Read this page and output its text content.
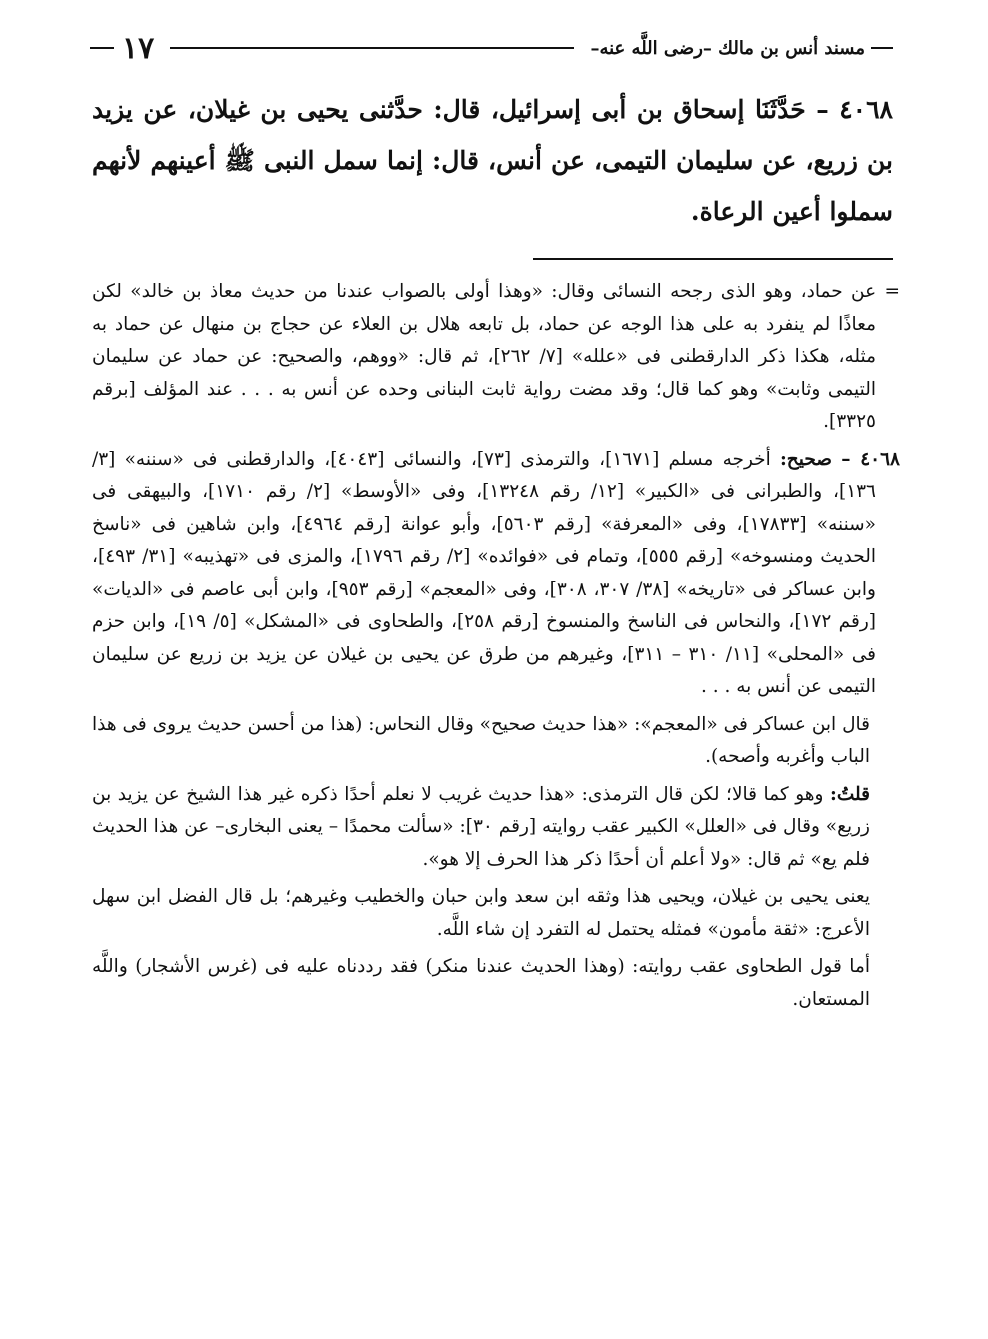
مسند أنس بن مالك –رضى اللَّه عنه–
١٧
٤٠٦٨ – حَدَّثَنَا إسحاق بن أبى إسرائيل، قال: حدَّثنى يحيى بن غيلان، عن يزيد بن زريع، عن سليمان التيمى، عن أنس، قال: إنما سمل النبى ﷺ أعينهم لأنهم سملوا أعين الرعاة.

= عن حماد، وهو الذى رجحه النسائى وقال: «وهذا أولى بالصواب عندنا من حديث معاذ بن خالد» لكن معاذًا لم ينفرد به على هذا الوجه عن حماد، بل تابعه هلال بن العلاء عن حجاج بن منهال عن حماد به مثله، هكذا ذكر الدارقطنى فى «علله» [٧/ ٢٦٢]، ثم قال: «ووهم، والصحيح: عن حماد عن سليمان التيمى وثابت» وهو كما قال؛ وقد مضت رواية ثابت البنانى وحده عن أنس به . . . عند المؤلف [برقم ٣٣٢٥].

٤٠٦٨ – صحيح: أخرجه مسلم [١٦٧١]، والترمذى [٧٣]، والنسائى [٤٠٤٣]، والدارقطنى فى «سننه» [٣/ ١٣٦]، والطبرانى فى «الكبير» [١٢/ رقم ١٣٢٤٨]، وفى «الأوسط» [٢/ رقم ١٧١٠]، والبيهقى فى «سننه» [١٧٨٣٣]، وفى «المعرفة» [رقم ٥٦٠٣]، وأبو عوانة [رقم ٤٩٦٤]، وابن شاهين فى «ناسخ الحديث ومنسوخه» [رقم ٥٥٥]، وتمام فى «فوائده» [٢/ رقم ١٧٩٦]، والمزى فى «تهذيبه» [٣١/ ٤٩٣]، وابن عساكر فى «تاريخه» [٣٨/ ٣٠٧، ٣٠٨]، وفى «المعجم» [رقم ٩٥٣]، وابن أبى عاصم فى «الديات» [رقم ١٧٢]، والنحاس فى الناسخ والمنسوخ [رقم ٢٥٨]، والطحاوى فى «المشكل» [٥/ ١٩]، وابن حزم فى «المحلى» [١١/ ٣١٠ – ٣١١]، وغيرهم من طرق عن يحيى بن غيلان عن يزيد بن زريع عن سليمان التيمى عن أنس به . . .

قال ابن عساكر فى «المعجم»: «هذا حديث صحيح» وقال النحاس: (هذا من أحسن حديث يروى فى هذا الباب وأغربه وأصحه).

قلتُ: وهو كما قالا؛ لكن قال الترمذى: «هذا حديث غريب لا نعلم أحدًا ذكره غير هذا الشيخ عن يزيد بن زريع» وقال فى «العلل» الكبير عقب روايته [رقم ٣٠]: «سألت محمدًا – يعنى البخارى– عن هذا الحديث فلم يع» ثم قال: «ولا أعلم أن أحدًا ذكر هذا الحرف إلا هو».

يعنى يحيى بن غيلان، ويحيى هذا وثقه ابن سعد وابن حبان والخطيب وغيرهم؛ بل قال الفضل ابن سهل الأعرج: «ثقة مأمون» فمثله يحتمل له التفرد إن شاء اللَّه.

أما قول الطحاوى عقب روايته: (وهذا الحديث عندنا منكر) فقد رددناه عليه فى (غرس الأشجار) واللَّه المستعان.
